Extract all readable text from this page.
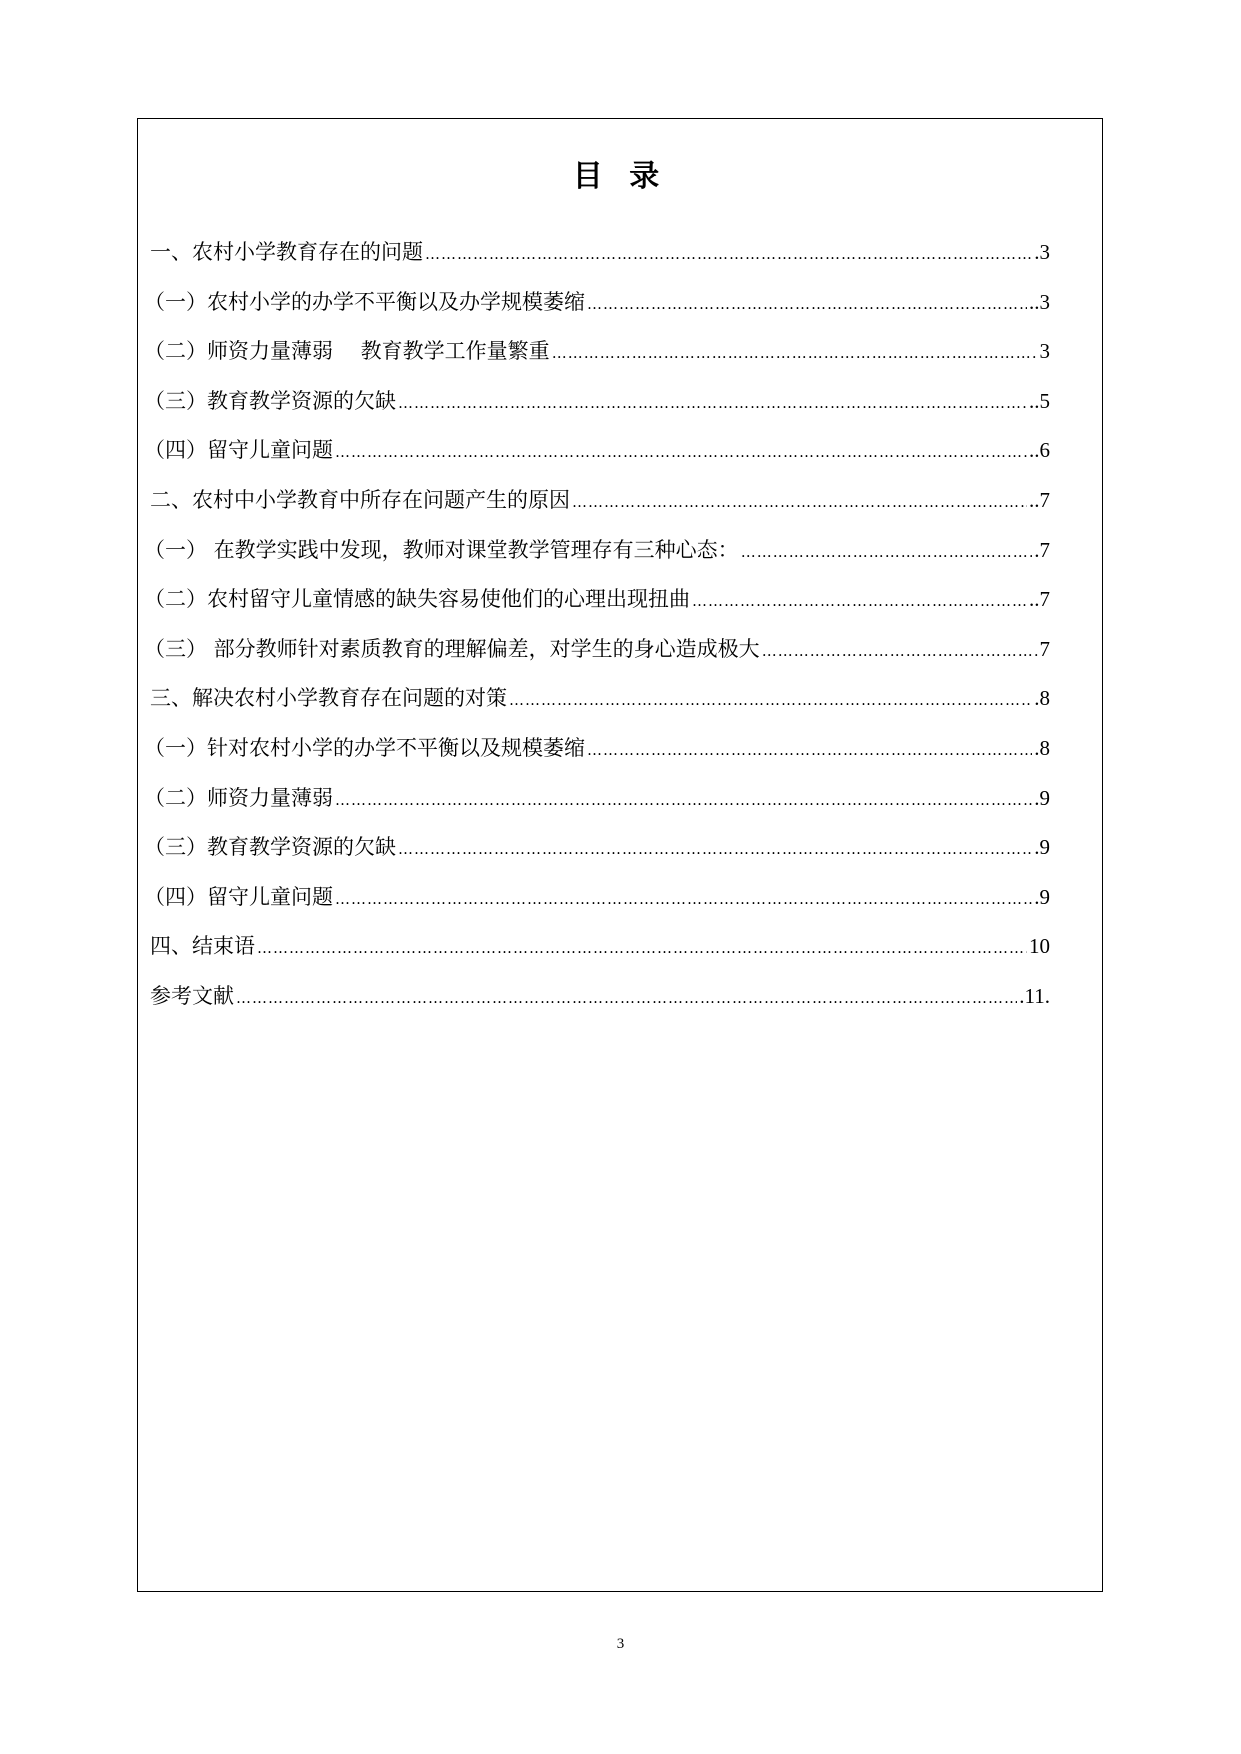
目 录
一、农村小学教育存在的问题 ……………………………………………………………………………………………………………………………………………………………………………………………………………………	.3
（一）农村小学的办学不平衡以及办学规模萎缩 ……………………………………………………………………………………………………………………………………………………………………………………………………………………	..3
（二）师资力量薄弱　 教育教学工作量繁重 ……………………………………………………………………………………………………………………………………………………………………………………………………………………	3
（三）教育教学资源的欠缺 ……………………………………………………………………………………………………………………………………………………………………………………………………………………	..5
（四）留守儿童问题 ……………………………………………………………………………………………………………………………………………………………………………………………………………………	..6
二、农村中小学教育中所存在问题产生的原因 ……………………………………………………………………………………………………………………………………………………………………………………………………………………	..7
（一） 在教学实践中发现，教师对课堂教学管理存有三种心态： ……………………………………………………………………………………………………………………………………………………………………………………………………………………	.7
（二）农村留守儿童情感的缺失容易使他们的心理出现扭曲 ……………………………………………………………………………………………………………………………………………………………………………………………………………………	..7
（三） 部分教师针对素质教育的理解偏差，对学生的身心造成极大 ……………………………………………………………………………………………………………………………………………………………………………………………………………………	7
三、解决农村小学教育存在问题的对策 ……………………………………………………………………………………………………………………………………………………………………………………………………………………	.8
（一）针对农村小学的办学不平衡以及规模萎缩 ……………………………………………………………………………………………………………………………………………………………………………………………………………………	.8
（二）师资力量薄弱 ……………………………………………………………………………………………………………………………………………………………………………………………………………………	.9
（三）教育教学资源的欠缺 ……………………………………………………………………………………………………………………………………………………………………………………………………………………	.9
（四）留守儿童问题 ……………………………………………………………………………………………………………………………………………………………………………………………………………………	.9
四、结束语 ……………………………………………………………………………………………………………………………………………………………………………………………………………………	10
参考文献 ……………………………………………………………………………………………………………………………………………………………………………………………………………………	.11.
3
